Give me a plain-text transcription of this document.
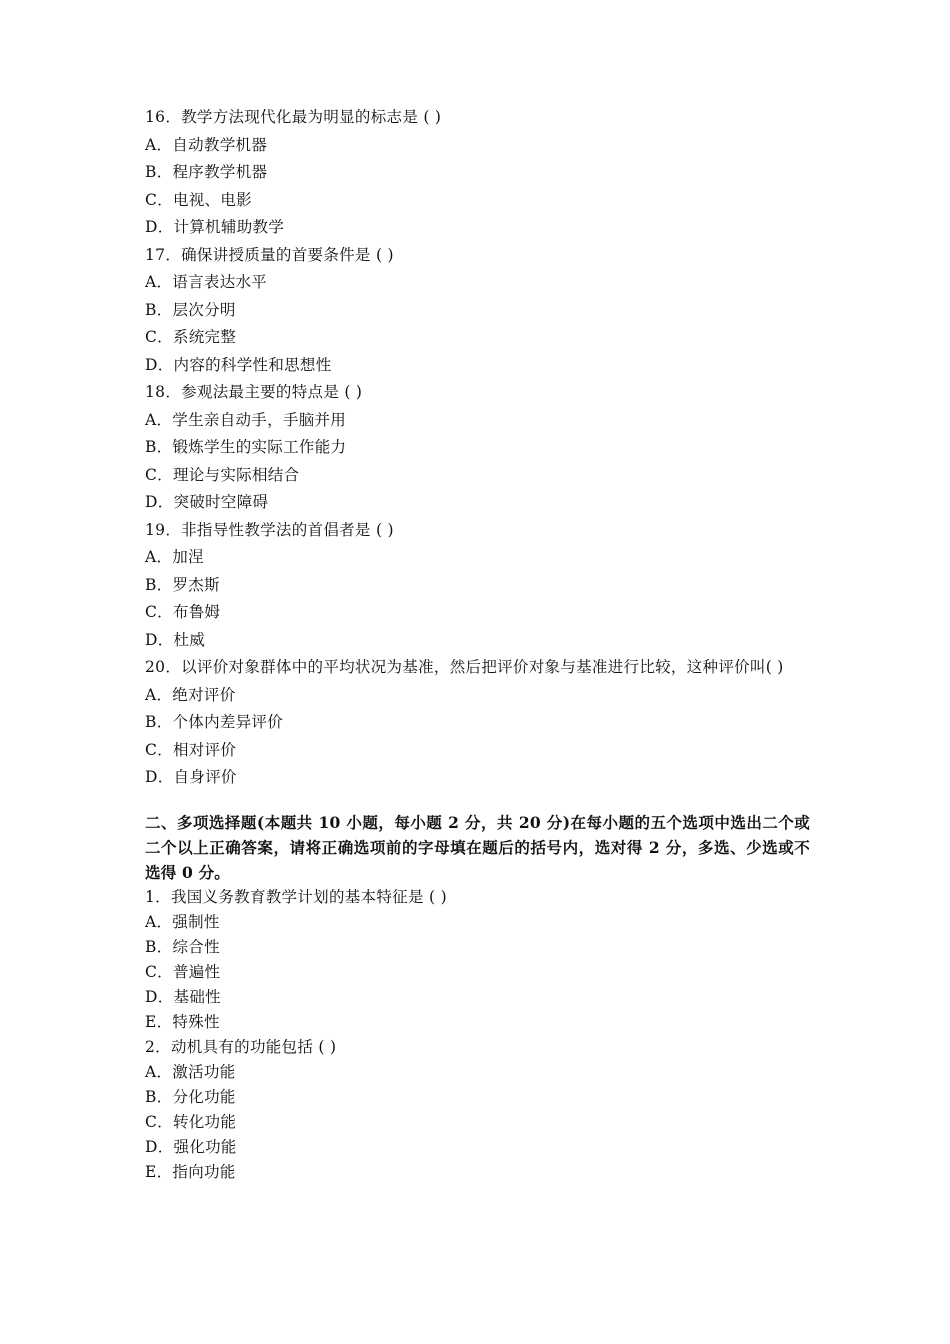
16．教学方法现代化最为明显的标志是 ( )
A．自动教学机器
B．程序教学机器
C．电视、电影
D．计算机辅助教学
17．确保讲授质量的首要条件是 ( )
A．语言表达水平
B．层次分明
C．系统完整
D．内容的科学性和思想性
18．参观法最主要的特点是 ( )
A．学生亲自动手，手脑并用
B．锻炼学生的实际工作能力
C．理论与实际相结合
D．突破时空障碍
19．非指导性教学法的首倡者是 ( )
A．加涅
B．罗杰斯
C．布鲁姆
D．杜威
20．以评价对象群体中的平均状况为基准，然后把评价对象与基准进行比较，这种评价叫( )
A．绝对评价
B．个体内差异评价
C．相对评价
D．自身评价
二、多项选择题(本题共 10 小题，每小题 2 分，共 20 分)在每小题的五个选项中选出二个或二个以上正确答案，请将正确选项前的字母填在题后的括号内，选对得 2 分，多选、少选或不选得 0 分。
1．我国义务教育教学计划的基本特征是 ( )
A．强制性
B．综合性
C．普遍性
D．基础性
E．特殊性
2．动机具有的功能包括 ( )
A．激活功能
B．分化功能
C．转化功能
D．强化功能
E．指向功能
